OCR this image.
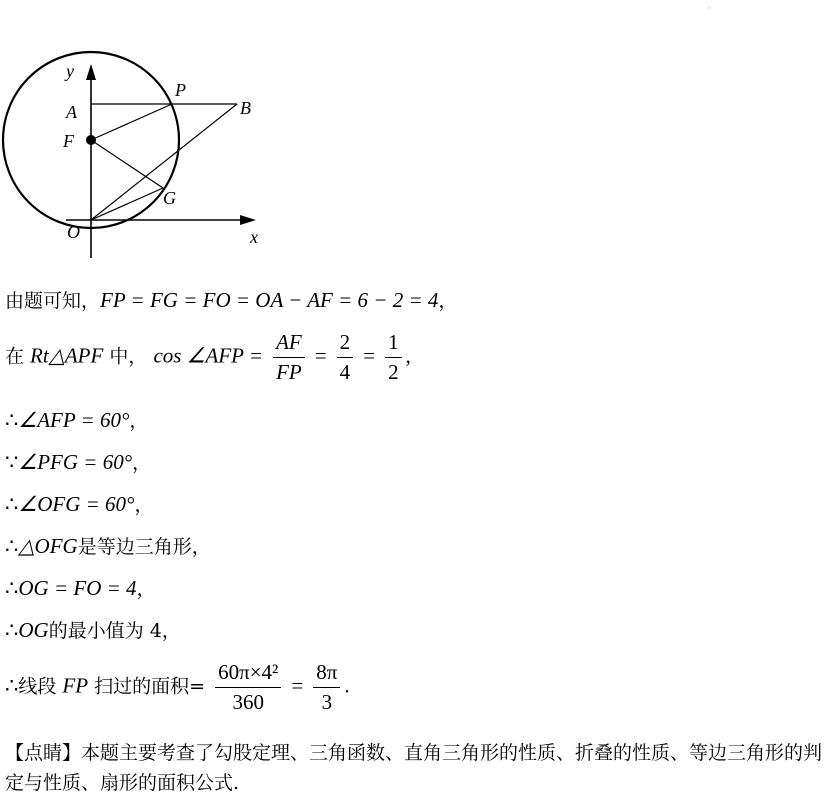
·
y
A
P
B
F
G
O	x
由题可知，FP = FG = FO = OA − AF = 6 − 2 = 4，
在 Rt△APF 中， cos ∠AFP = $\frac{AF}{FP} = \frac{2}{4} = \frac{1}{2}$ ,
∴∠AFP = 60°，
∵∠PFG = 60°，
∴∠OFG = 60°，
∴△OFG是等边三角形，
∴OG = FO = 4，
∴OG的最小值为 4，
∴线段 FP 扫过的面积= $\frac{\text{60π×4²}}{360} = \frac{8\pi}{3}$ .
【点睛】本题主要考查了勾股定理、三角函数、直角三角形的性质、折叠的性质、等边三角形的判定与性质、扇形的面积公式.
